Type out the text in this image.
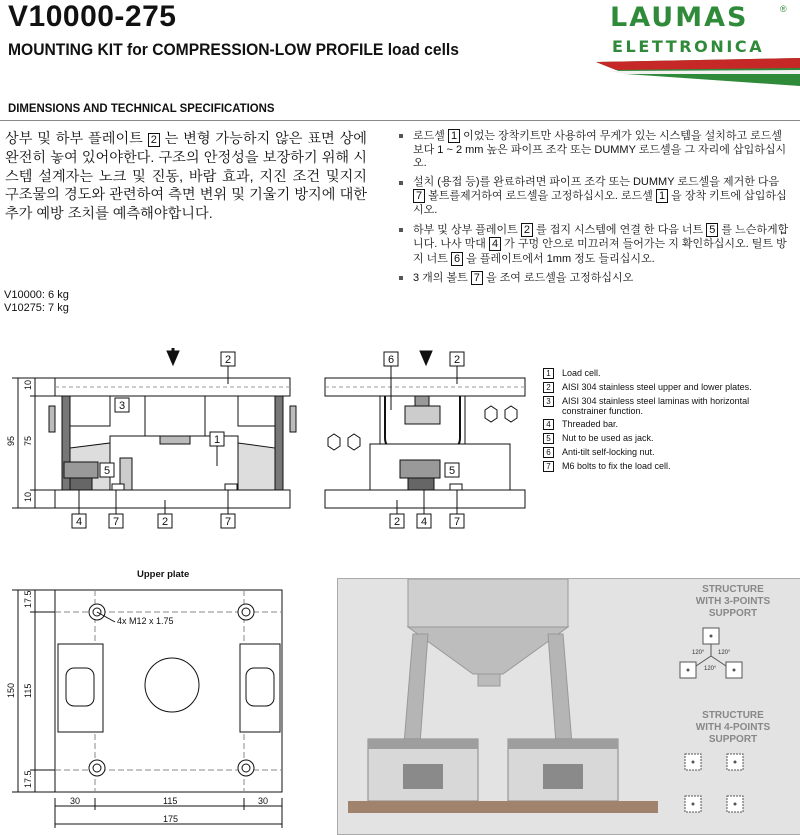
V10000-275
MOUNTING KIT for COMPRESSION-LOW PROFILE load cells
LAUMAS	®
ELETTRONICA
DIMENSIONS AND TECHNICAL SPECIFICATIONS
상부 및 하부 플레이트 2 는 변형 가능하지 않은 표면 상에 완전히 놓여 있어야한다. 구조의 안정성을 보장하기 위해 시스템 설계자는 노크 및 진동, 바람 효과, 지진 조건 및지지 구조물의 경도와 관련하여 측면 변위 및 기울기 방지에 대한 추가 예방 조치를 예측해야합니다.
로드셀 1 이었는 장착키트만 사용하여 무게가 있는 시스템을 설치하고 로드셀 보다 1 ~ 2 mm 높은 파이프 조각 또는 DUMMY 로드셀을 그 자리에 삽입하십시오.
설치 (용접 등)를 완료하려면 파이프 조각 또는 DUMMY 로드셀을 제거한 다음 7 볼트를제거하여 로드셀을 고정하십시오. 로드셀 1 을 장착 키트에 삽입하십시오.
하부 및 상부 플레이트 2 를 접지 시스템에 연결 한 다음 너트 5 를 느슨하게합니다. 나사 막대 4 가 구멍 안으로 미끄러져 들어가는 지 확인하십시오. 틸트 방지 너트 6 을 플레이트에서 1mm 정도 들리십시오.
3 개의 볼트 7 을 조여 로드셀을 고정하십시오
V10000: 6 kg
V10275: 7 kg
95 75
10
10
2
3
1
5
4	7	2	7
6	2
5
2 4 7
1	Load cell.
2	AISI 304 stainless steel upper and lower plates.
3	AISI 304 stainless steel laminas with horizontal constrainer function.
4	Threaded bar.
5	Nut to be used as jack.
6	Anti-tilt self-locking nut.
7	M6 bolts to fix the load cell.
Upper plate
4x M12 x 1.75
17.5
150 115
17.5
30	115	30
175
STRUCTURE
WITH 3-POINTS
SUPPORT
120° 120°
120°
STRUCTURE
WITH 4-POINTS
SUPPORT
